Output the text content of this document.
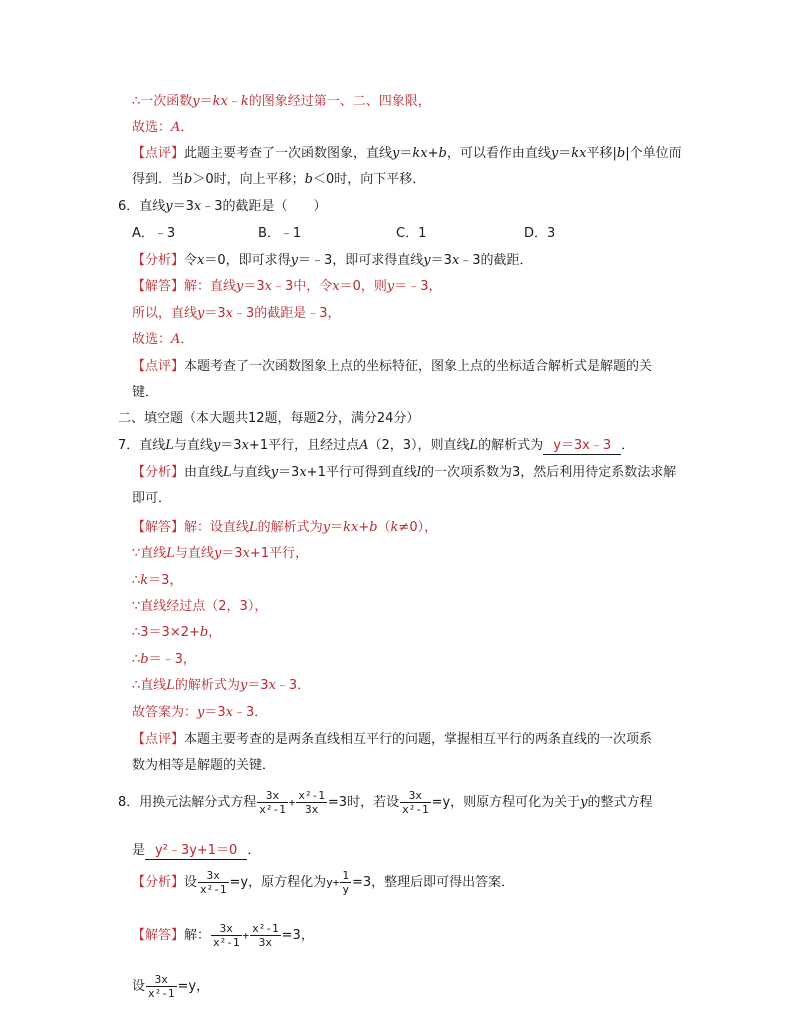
∴一次函数y＝kx﹣k的图象经过第一、二、四象限，
故选：A．
【点评】此题主要考查了一次函数图象，直线y＝kx+b，可以看作由直线y＝kx平移|b|个单位而
得到．当b＞0时，向上平移；b＜0时，向下平移．
6．直线y＝3x﹣3的截距是（　　）
A．﹣3	B．﹣1	C．1	D．3
【分析】令x＝0，即可求得y＝﹣3，即可求得直线y＝3x﹣3的截距．
【解答】解：直线y＝3x﹣3中，令x＝0，则y＝﹣3，
所以，直线y＝3x﹣3的截距是﹣3，
故选：A．
【点评】本题考查了一次函数图象上点的坐标特征，图象上点的坐标适合解析式是解题的关
键．
二、填空题（本大题共12题，每题2分，满分24分）
7．直线L与直线y＝3x+1平行，且经过点A（2，3），则直线L的解析式为 y＝3x﹣3 ．
【分析】由直线L与直线y＝3x+1平行可得到直线l的一次项系数为3，然后利用待定系数法求解
即可．
【解答】解：设直线L的解析式为y＝kx+b（k≠0），
∵直线L与直线y＝3x+1平行，
∴k＝3，
∵直线经过点（2，3），
∴3＝3×2+b，
∴b＝﹣3，
∴直线L的解析式为y＝3x﹣3．
故答案为：y＝3x﹣3．
【点评】本题主要考查的是两条直线相互平行的问题，掌握相互平行的两条直线的一次项系
数为相等是解题的关键．
8．用换元法解分式方程 $\frac{3x}{\text{x²-1}} + \frac{\text{x²-1}}{3x} =3$时，若设 $\frac{3x}{\text{x²-1}} =y$，则原方程可化为关于y的整式方程
是 y²﹣3y+1＝0 ．
【分析】设 $\frac{3x}{\text{x²-1}} =y$，原方程化为$y+ \frac{1}{y} =3$，整理后即可得出答案．
【解答】解： $\frac{3x}{\text{x²-1}} + \frac{\text{x²-1}}{3x} =3$，
设 $\frac{3x}{\text{x²-1}} =y$，
